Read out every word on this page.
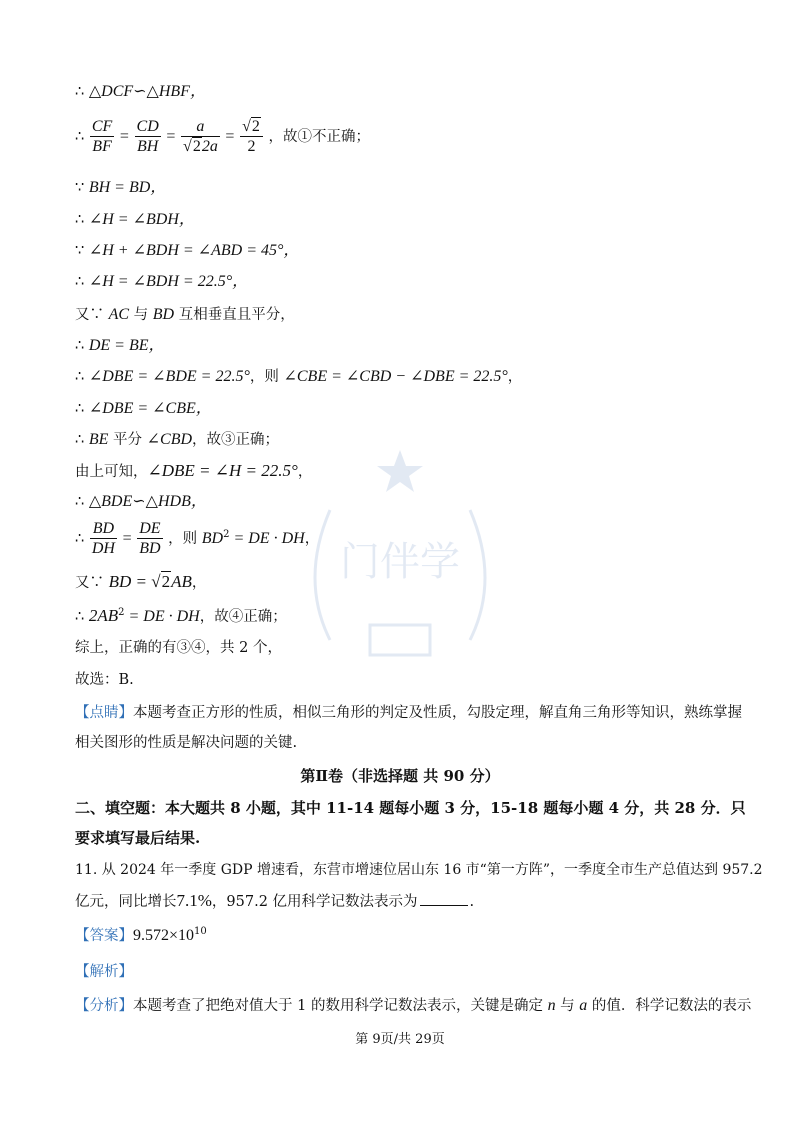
门伴学
∴ △DCF∽△HBF，
∴ $\frac{CF}{BF} = \frac{CD}{BH} = \frac{a}{√22a} = \frac{√2}{2}$ ，故①不正确；
∵ BH = BD，
∴ ∠H = ∠BDH，
∵ ∠H + ∠BDH = ∠ABD = 45°，
∴ ∠H = ∠BDH = 22.5°，
又∵ AC 与 BD 互相垂直且平分，
∴ DE = BE，
∴ ∠DBE = ∠BDE = 22.5°，则 ∠CBE = ∠CBD − ∠DBE = 22.5°，
∴ ∠DBE = ∠CBE，
∴ BE 平分 ∠CBD，故③正确；
由上可知，∠DBE = ∠H = 22.5°，
∴ △BDE∽△HDB，
∴ $\frac{BD}{DH} = \frac{DE}{BD}$ ，则 $BD^2$ = DE · DH，
又∵ BD = √2AB，
∴ $2AB^2$ = DE · DH，故④正确；
综上，正确的有③④，共 2 个，
故选：B.
【点睛】本题考查正方形的性质，相似三角形的判定及性质，勾股定理，解直角三角形等知识，熟练掌握
相关图形的性质是解决问题的关键.
第Ⅱ卷（非选择题 共 90 分）
二、填空题：本大题共 8 小题，其中 11-14 题每小题 3 分，15-18 题每小题 4 分，共 28 分．只
要求填写最后结果.
11. 从 2024 年一季度 GDP 增速看，东营市增速位居山东 16 市“第一方阵”，一季度全市生产总值达到 957.2
亿元，同比增长7.1%，957.2 亿用科学记数法表示为	.
【答案】$9.572\times 10^{10}$
【解析】
【分析】本题考查了把绝对值大于 1 的数用科学记数法表示，关键是确定 n 与 a 的值．科学记数法的表示
第 9页/共 29页
